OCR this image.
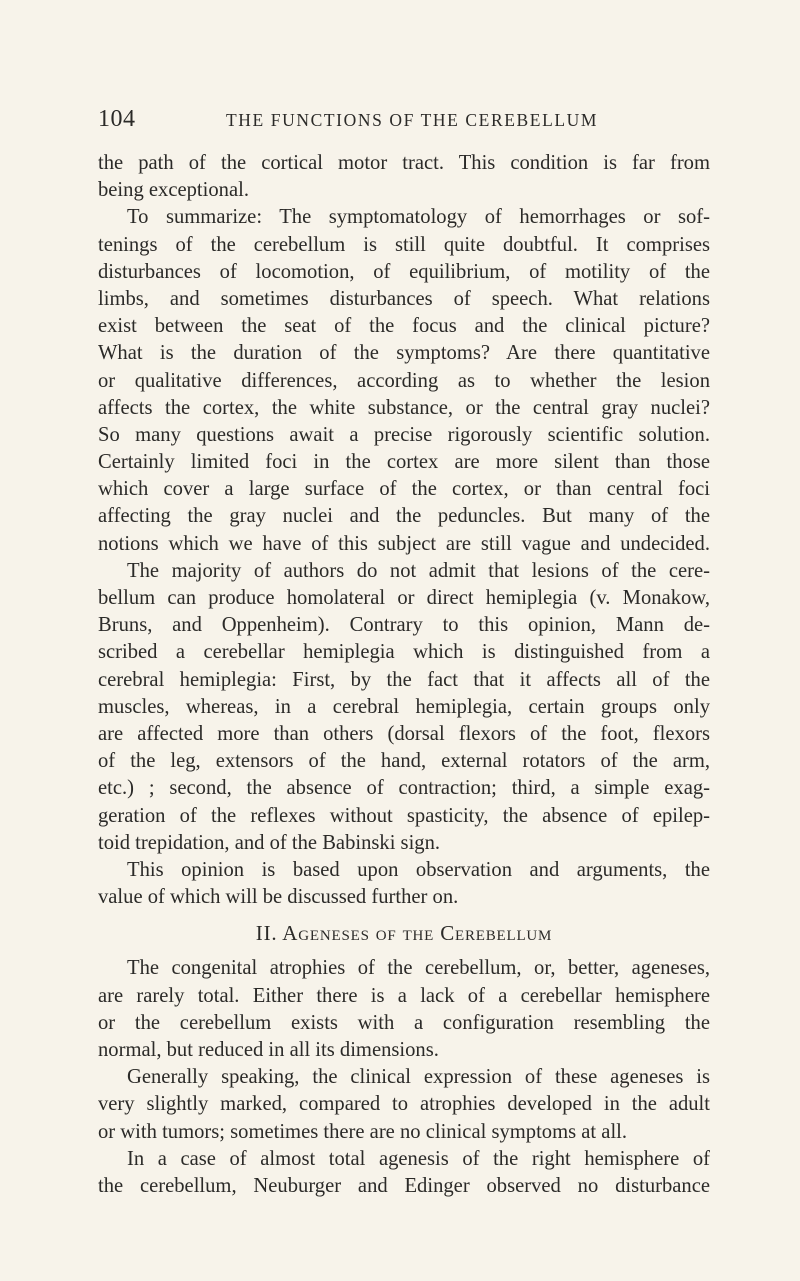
104	THE FUNCTIONS OF THE CEREBELLUM
the path of the cortical motor tract. This condition is far from
being exceptional.
To summarize: The symptomatology of hemorrhages or sof-
tenings of the cerebellum is still quite doubtful. It comprises
disturbances of locomotion, of equilibrium, of motility of the
limbs, and sometimes disturbances of speech. What relations
exist between the seat of the focus and the clinical picture?
What is the duration of the symptoms? Are there quantitative
or qualitative differences, according as to whether the lesion
affects the cortex, the white substance, or the central gray nuclei?
So many questions await a precise rigorously scientific solution.
Certainly limited foci in the cortex are more silent than those
which cover a large surface of the cortex, or than central foci
affecting the gray nuclei and the peduncles. But many of the
notions which we have of this subject are still vague and undecided.
The majority of authors do not admit that lesions of the cere-
bellum can produce homolateral or direct hemiplegia (v. Monakow,
Bruns, and Oppenheim). Contrary to this opinion, Mann de-
scribed a cerebellar hemiplegia which is distinguished from a
cerebral hemiplegia: First, by the fact that it affects all of the
muscles, whereas, in a cerebral hemiplegia, certain groups only
are affected more than others (dorsal flexors of the foot, flexors
of the leg, extensors of the hand, external rotators of the arm,
etc.) ; second, the absence of contraction; third, a simple exag-
geration of the reflexes without spasticity, the absence of epilep-
toid trepidation, and of the Babinski sign.
This opinion is based upon observation and arguments, the
value of which will be discussed further on.
II. Ageneses of the Cerebellum
The congenital atrophies of the cerebellum, or, better, ageneses,
are rarely total. Either there is a lack of a cerebellar hemisphere
or the cerebellum exists with a configuration resembling the
normal, but reduced in all its dimensions.
Generally speaking, the clinical expression of these ageneses is
very slightly marked, compared to atrophies developed in the adult
or with tumors; sometimes there are no clinical symptoms at all.
In a case of almost total agenesis of the right hemisphere of
the cerebellum, Neuburger and Edinger observed no disturbance
